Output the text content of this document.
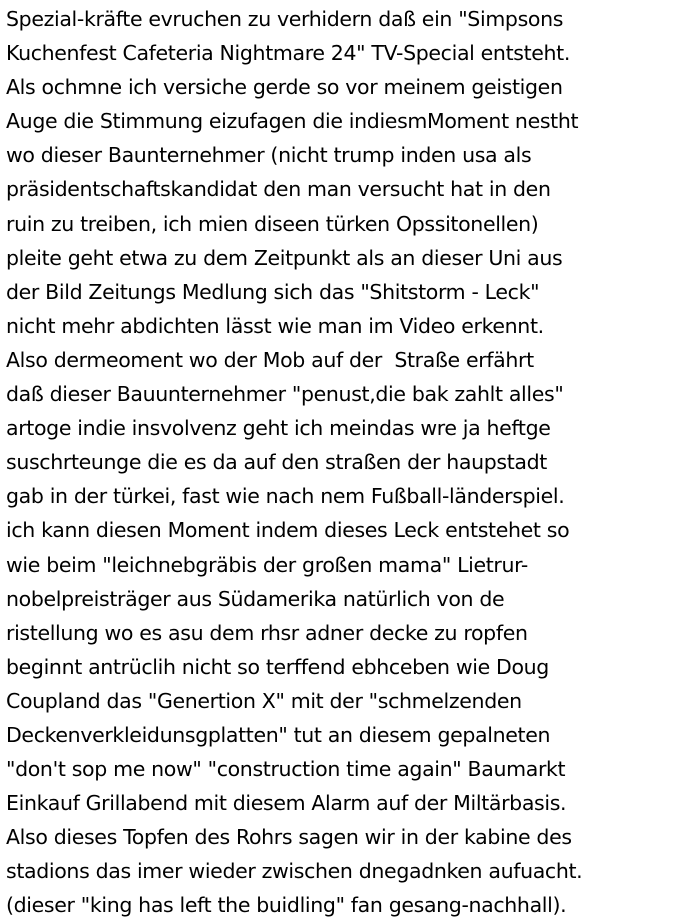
Spezial-kräfte evruchen zu verhidern daß ein "Simpsons
Kuchenfest Cafeteria Nightmare 24" TV-Special entsteht.
Als ochmne ich versiche gerde so vor meinem geistigen
Auge die Stimmung eizufagen die indiesmMoment nestht
wo dieser Baunternehmer (nicht trump inden usa als
präsidentschaftskandidat den man versucht hat in den
ruin zu treiben, ich mien diseen türken Opssitonellen)
pleite geht etwa zu dem Zeitpunkt als an dieser Uni aus
der Bild Zeitungs Medlung sich das "Shitstorm - Leck"
nicht mehr abdichten lässt wie man im Video erkennt.
Also dermeoment wo der Mob auf der  Straße erfährt
daß dieser Bauunternehmer "penust,die bak zahlt alles"
artoge indie insvolvenz geht ich meindas wre ja heftge
suschrteunge die es da auf den straßen der haupstadt
gab in der türkei, fast wie nach nem Fußball-länderspiel.
ich kann diesen Moment indem dieses Leck entstehet so
wie beim "leichnebgräbis der großen mama" Lietrur-
nobelpreisträger aus Südamerika natürlich von de
ristellung wo es asu dem rhsr adner decke zu ropfen
beginnt antrüclih nicht so terffend ebhceben wie Doug
Coupland das "Genertion X" mit der "schmelzenden
Deckenverkleidunsgplatten" tut an diesem gepalneten
"don't sop me now" "construction time again" Baumarkt
Einkauf Grillabend mit diesem Alarm auf der Miltärbasis.
Also dieses Topfen des Rohrs sagen wir in der kabine des
stadions das imer wieder zwischen dnegadnken aufuacht.
(dieser "king has left the buidling" fan gesang-nachhall).
